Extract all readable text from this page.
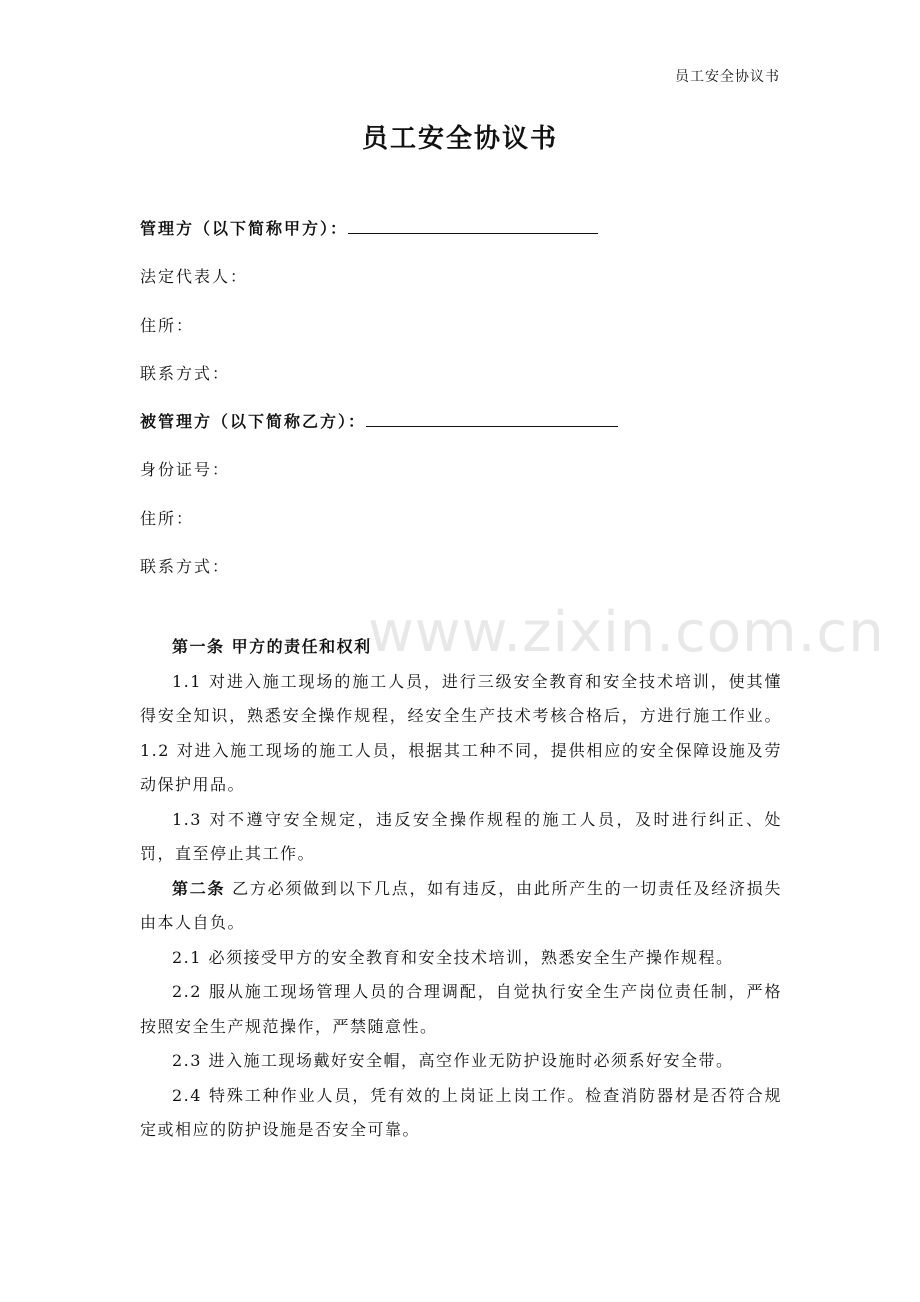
员工安全协议书
员工安全协议书
管理方（以下简称甲方）：
法定代表人：
住所：
联系方式：
被管理方（以下简称乙方）：
身份证号：
住所：
联系方式：
www.zixin.com.cn

第一条 甲方的责任和权利

1.1 对进入施工现场的施工人员，进行三级安全教育和安全技术培训，使其懂得安全知识，熟悉安全操作规程，经安全生产技术考核合格后，方进行施工作业。1.2 对进入施工现场的施工人员，根据其工种不同，提供相应的安全保障设施及劳动保护用品。

1.3 对不遵守安全规定，违反安全操作规程的施工人员，及时进行纠正、处罚，直至停止其工作。

第二条 乙方必须做到以下几点，如有违反，由此所产生的一切责任及经济损失由本人自负。

2.1 必须接受甲方的安全教育和安全技术培训，熟悉安全生产操作规程。

2.2 服从施工现场管理人员的合理调配，自觉执行安全生产岗位责任制，严格按照安全生产规范操作，严禁随意性。

2.3 进入施工现场戴好安全帽，高空作业无防护设施时必须系好安全带。

2.4 特殊工种作业人员，凭有效的上岗证上岗工作。检查消防器材是否符合规定或相应的防护设施是否安全可靠。
